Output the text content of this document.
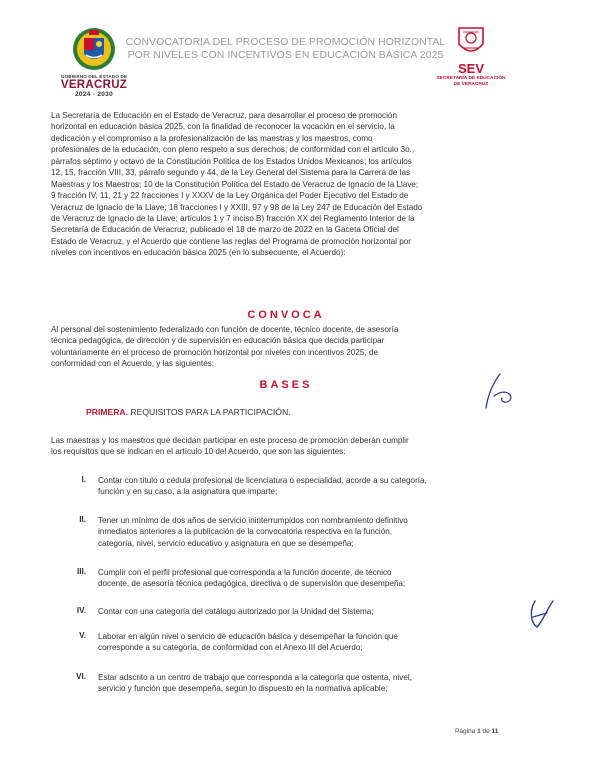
CONVOCATORIA DEL PROCESO DE PROMOCIÓN HORIZONTAL
POR NIVELES CON INCENTIVOS EN EDUCACIÓN BÁSICA 2025
GOBIERNO DEL ESTADO DE
VERACRUZ
2024 - 2030
SEV
SECRETARÍA DE EDUCACIÓN
DE VERACRUZ
La Secretaría de Educación en el Estado de Veracruz, para desarrollar el proceso de promoción
horizontal en educación básica 2025, con la finalidad de reconocer la vocación en el servicio, la
dedicación y el compromiso a la profesionalización de las maestras y los maestros, como
profesionales de la educación, con pleno respeto a sus derechos; de conformidad con el artículo 3o.,
párrafos séptimo y octavo de la Constitución Política de los Estados Unidos Mexicanos; los artículos
12, 15, fracción VIII, 33, párrafo segundo y 44, de la Ley General del Sistema para la Carrera de las
Maestras y los Maestros; 10 de la Constitución Política del Estado de Veracruz de Ignacio de la Llave;
9 fracción IV, 11, 21 y 22 fracciones I y XXXV de la Ley Orgánica del Poder Ejecutivo del Estado de
Veracruz de Ignacio de la Llave; 18 fracciones I y XXIII, 97 y 98 de la Ley 247 de Educación del Estado
de Veracruz de Ignacio de la Llave; artículos 1 y 7 inciso B) fracción XX del Reglamento Interior de la
Secretaría de Educación de Veracruz, publicado el 18 de marzo de 2022 en la Gaceta Oficial del
Estado de Veracruz, y el Acuerdo que contiene las reglas del Programa de promoción horizontal por
niveles con incentivos en educación básica 2025 (en lo subsecuente, el Acuerdo):
CONVOCA
Al personal del sostenimiento federalizado con función de docente, técnico docente, de asesoría
técnica pedagógica, de dirección y de supervisión en educación básica que decida participar
voluntariamente en el proceso de promoción horizontal por niveles con incentivos 2025, de
conformidad con el Acuerdo, y las siguientes:
BASES
PRIMERA. REQUISITOS PARA LA PARTICIPACIÓN.
Las maestras y los maestros que decidan participar en este proceso de promoción deberán cumplir
los requisitos que se indican en el artículo 10 del Acuerdo, que son las siguientes:
I. Contar con título o cédula profesional de licenciatura o especialidad, acorde a su categoría,
función y en su caso, a la asignatura que imparte;
II. Tener un mínimo de dos años de servicio ininterrumpidos con nombramiento definitivo
inmediatos anteriores a la publicación de la convocatoria respectiva en la función,
categoría, nivel, servicio educativo y asignatura en que se desempeña;
III. Cumplir con el perfil profesional que corresponda a la función docente, de técnico
docente, de asesoría técnica pedagógica, directiva o de supervisión que desempeña;
IV. Contar con una categoría del catálogo autorizado por la Unidad del Sistema;
V. Laborar en algún nivel o servicio de educación básica y desempeñar la función que
corresponde a su categoría, de conformidad con el Anexo III del Acuerdo;
VI. Estar adscrito a un centro de trabajo que corresponda a la categoría que ostenta, nivel,
servicio y función que desempeña, según lo dispuesto en la normativa aplicable;
Página 1 de 11
